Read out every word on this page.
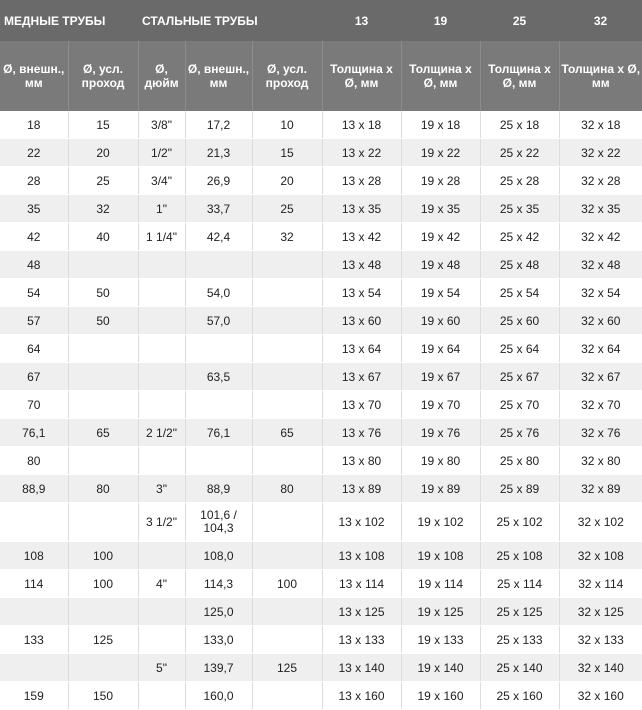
МЕДНЫЕ ТРУБЫ		СТАЛЬНЫЕ ТРУБЫ			13	19	25	32
Ø, внешн., мм	Ø, усл. проход	Ø, дюйм	Ø, внешн., мм	Ø, усл. проход	Толщина х Ø, мм	Толщина х Ø, мм	Толщина х Ø, мм	Толщина х Ø, мм
18	15	3/8"	17,2	10	13 x 18	19 x 18	25 x 18	32 x 18
22	20	1/2"	21,3	15	13 x 22	19 x 22	25 x 22	32 x 22
28	25	3/4"	26,9	20	13 x 28	19 x 28	25 x 28	32 x 28
35	32	1"	33,7	25	13 x 35	19 x 35	25 x 35	32 x 35
42	40	1 1/4"	42,4	32	13 x 42	19 x 42	25 x 42	32 x 42
48					13 x 48	19 x 48	25 x 48	32 x 48
54	50		54,0		13 x 54	19 x 54	25 x 54	32 x 54
57	50		57,0		13 x 60	19 x 60	25 x 60	32 x 60
64					13 x 64	19 x 64	25 x 64	32 x 64
67			63,5		13 x 67	19 x 67	25 x 67	32 x 67
70					13 x 70	19 x 70	25 x 70	32 x 70
76,1	65	2 1/2"	76,1	65	13 x 76	19 x 76	25 x 76	32 x 76
80					13 x 80	19 x 80	25 x 80	32 x 80
88,9	80	3"	88,9	80	13 x 89	19 x 89	25 x 89	32 x 89
		3 1/2"	101,6 / 104,3		13 x 102	19 x 102	25 x 102	32 x 102
108	100		108,0		13 x 108	19 x 108	25 x 108	32 x 108
114	100	4"	114,3	100	13 x 114	19 x 114	25 x 114	32 x 114
			125,0		13 x 125	19 x 125	25 x 125	32 x 125
133	125		133,0		13 x 133	19 x 133	25 x 133	32 x 133
		5"	139,7	125	13 x 140	19 x 140	25 x 140	32 x 140
159	150		160,0		13 x 160	19 x 160	25 x 160	32 x 160
